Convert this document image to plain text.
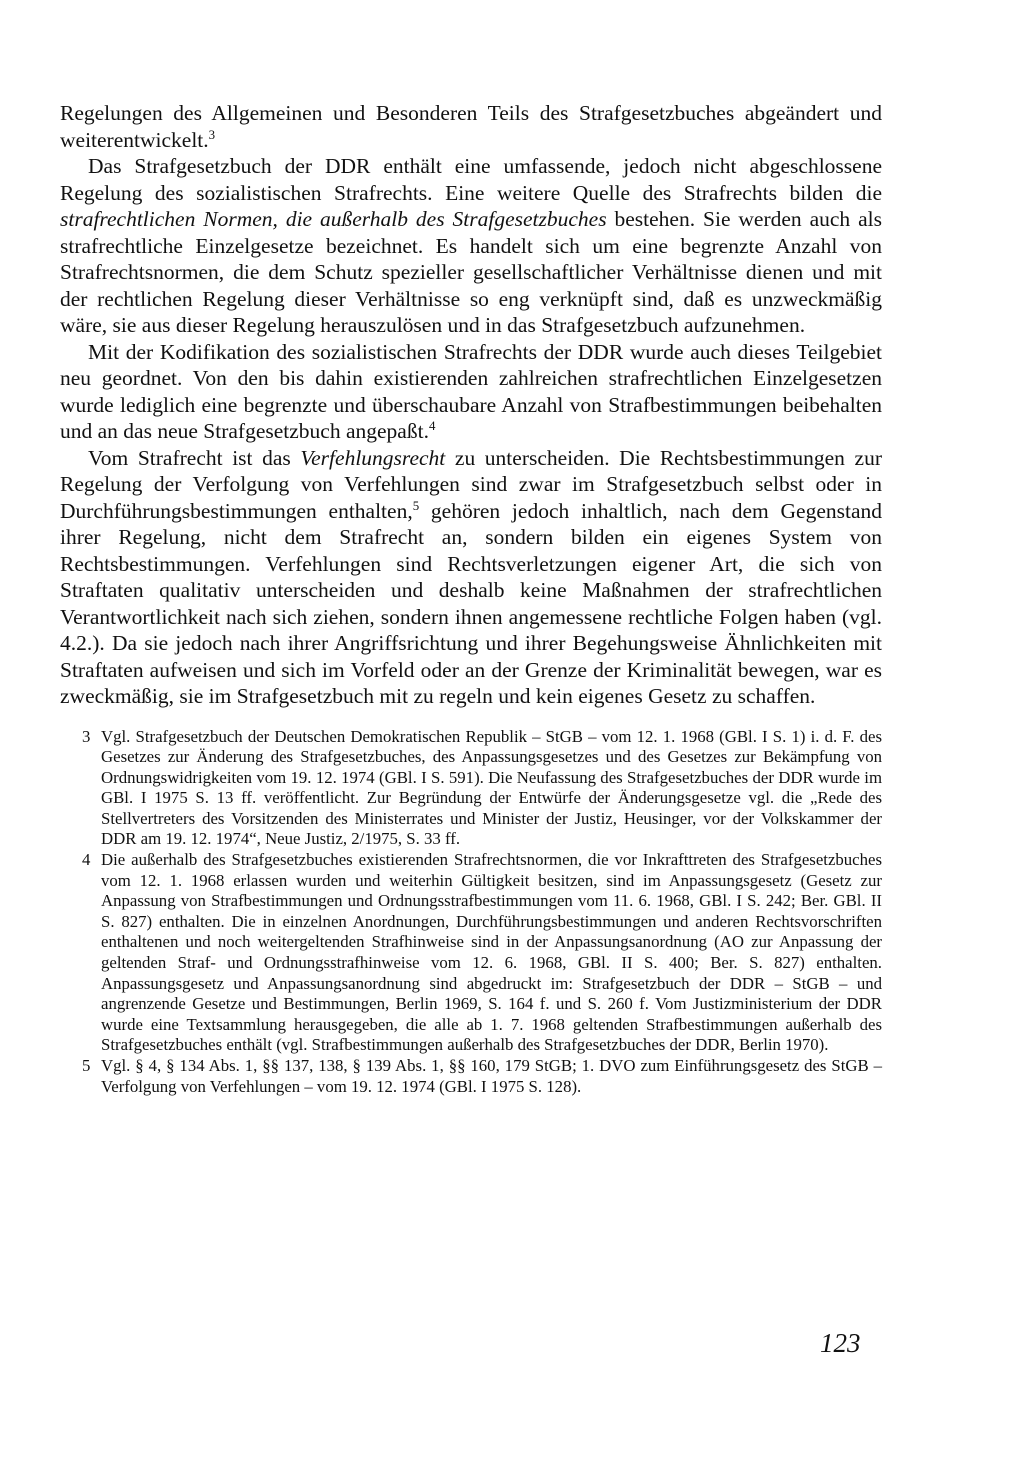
Regelungen des Allgemeinen und Besonderen Teils des Strafgesetzbuches abgeändert und weiterentwickelt.$^3$

Das Strafgesetzbuch der DDR enthält eine umfassende, jedoch nicht abgeschlossene Regelung des sozialistischen Strafrechts. Eine weitere Quelle des Strafrechts bilden die strafrechtlichen Normen, die außerhalb des Strafgesetzbuches bestehen. Sie werden auch als strafrechtliche Einzelgesetze bezeichnet. Es handelt sich um eine begrenzte Anzahl von Strafrechtsnormen, die dem Schutz spezieller gesellschaftlicher Verhältnisse dienen und mit der rechtlichen Regelung dieser Verhältnisse so eng verknüpft sind, daß es unzweckmäßig wäre, sie aus dieser Regelung herauszulösen und in das Strafgesetzbuch aufzunehmen.

Mit der Kodifikation des sozialistischen Strafrechts der DDR wurde auch dieses Teilgebiet neu geordnet. Von den bis dahin existierenden zahlreichen strafrechtlichen Einzelgesetzen wurde lediglich eine begrenzte und überschaubare Anzahl von Strafbestimmungen beibehalten und an das neue Strafgesetzbuch angepaßt.$^4$

Vom Strafrecht ist das Verfehlungsrecht zu unterscheiden. Die Rechtsbestimmungen zur Regelung der Verfolgung von Verfehlungen sind zwar im Strafgesetzbuch selbst oder in Durchführungsbestimmungen enthalten,$^5$ gehören jedoch inhaltlich, nach dem Gegenstand ihrer Regelung, nicht dem Strafrecht an, sondern bilden ein eigenes System von Rechtsbestimmungen. Verfehlungen sind Rechtsverletzungen eigener Art, die sich von Straftaten qualitativ unterscheiden und deshalb keine Maßnahmen der strafrechtlichen Verantwortlichkeit nach sich ziehen, sondern ihnen angemessene rechtliche Folgen haben (vgl. 4.2.). Da sie jedoch nach ihrer Angriffsrichtung und ihrer Begehungsweise Ähnlichkeiten mit Straftaten aufweisen und sich im Vorfeld oder an der Grenze der Kriminalität bewegen, war es zweckmäßig, sie im Strafgesetzbuch mit zu regeln und kein eigenes Gesetz zu schaffen.

3 Vgl. Strafgesetzbuch der Deutschen Demokratischen Republik – StGB – vom 12. 1. 1968 (GBl. I S. 1) i. d. F. des Gesetzes zur Änderung des Strafgesetzbuches, des Anpassungsgesetzes und des Gesetzes zur Bekämpfung von Ordnungswidrigkeiten vom 19. 12. 1974 (GBl. I S. 591). Die Neufassung des Strafgesetzbuches der DDR wurde im GBl. I 1975 S. 13 ff. veröffentlicht. Zur Begründung der Entwürfe der Änderungsgesetze vgl. die „Rede des Stellvertreters des Vorsitzenden des Ministerrates und Minister der Justiz, Heusinger, vor der Volkskammer der DDR am 19. 12. 1974“, Neue Justiz, 2/1975, S. 33 ff.

4 Die außerhalb des Strafgesetzbuches existierenden Strafrechtsnormen, die vor Inkrafttreten des Strafgesetzbuches vom 12. 1. 1968 erlassen wurden und weiterhin Gültigkeit besitzen, sind im Anpassungsgesetz (Gesetz zur Anpassung von Strafbestimmungen und Ordnungsstrafbestimmungen vom 11. 6. 1968, GBl. I S. 242; Ber. GBl. II S. 827) enthalten. Die in einzelnen Anordnungen, Durchführungsbestimmungen und anderen Rechtsvorschriften enthaltenen und noch weitergeltenden Strafhinweise sind in der Anpassungsanordnung (AO zur Anpassung der geltenden Straf- und Ordnungsstrafhinweise vom 12. 6. 1968, GBl. II S. 400; Ber. S. 827) enthalten. Anpassungsgesetz und Anpassungsanordnung sind abgedruckt im: Strafgesetzbuch der DDR – StGB – und angrenzende Gesetze und Bestimmungen, Berlin 1969, S. 164 f. und S. 260 f. Vom Justizministerium der DDR wurde eine Textsammlung herausgegeben, die alle ab 1. 7. 1968 geltenden Strafbestimmungen außerhalb des Strafgesetzbuches enthält (vgl. Strafbestimmungen außerhalb des Strafgesetzbuches der DDR, Berlin 1970).

5 Vgl. § 4, § 134 Abs. 1, §§ 137, 138, § 139 Abs. 1, §§ 160, 179 StGB; 1. DVO zum Einführungsgesetz des StGB – Verfolgung von Verfehlungen – vom 19. 12. 1974 (GBl. I 1975 S. 128).

123
